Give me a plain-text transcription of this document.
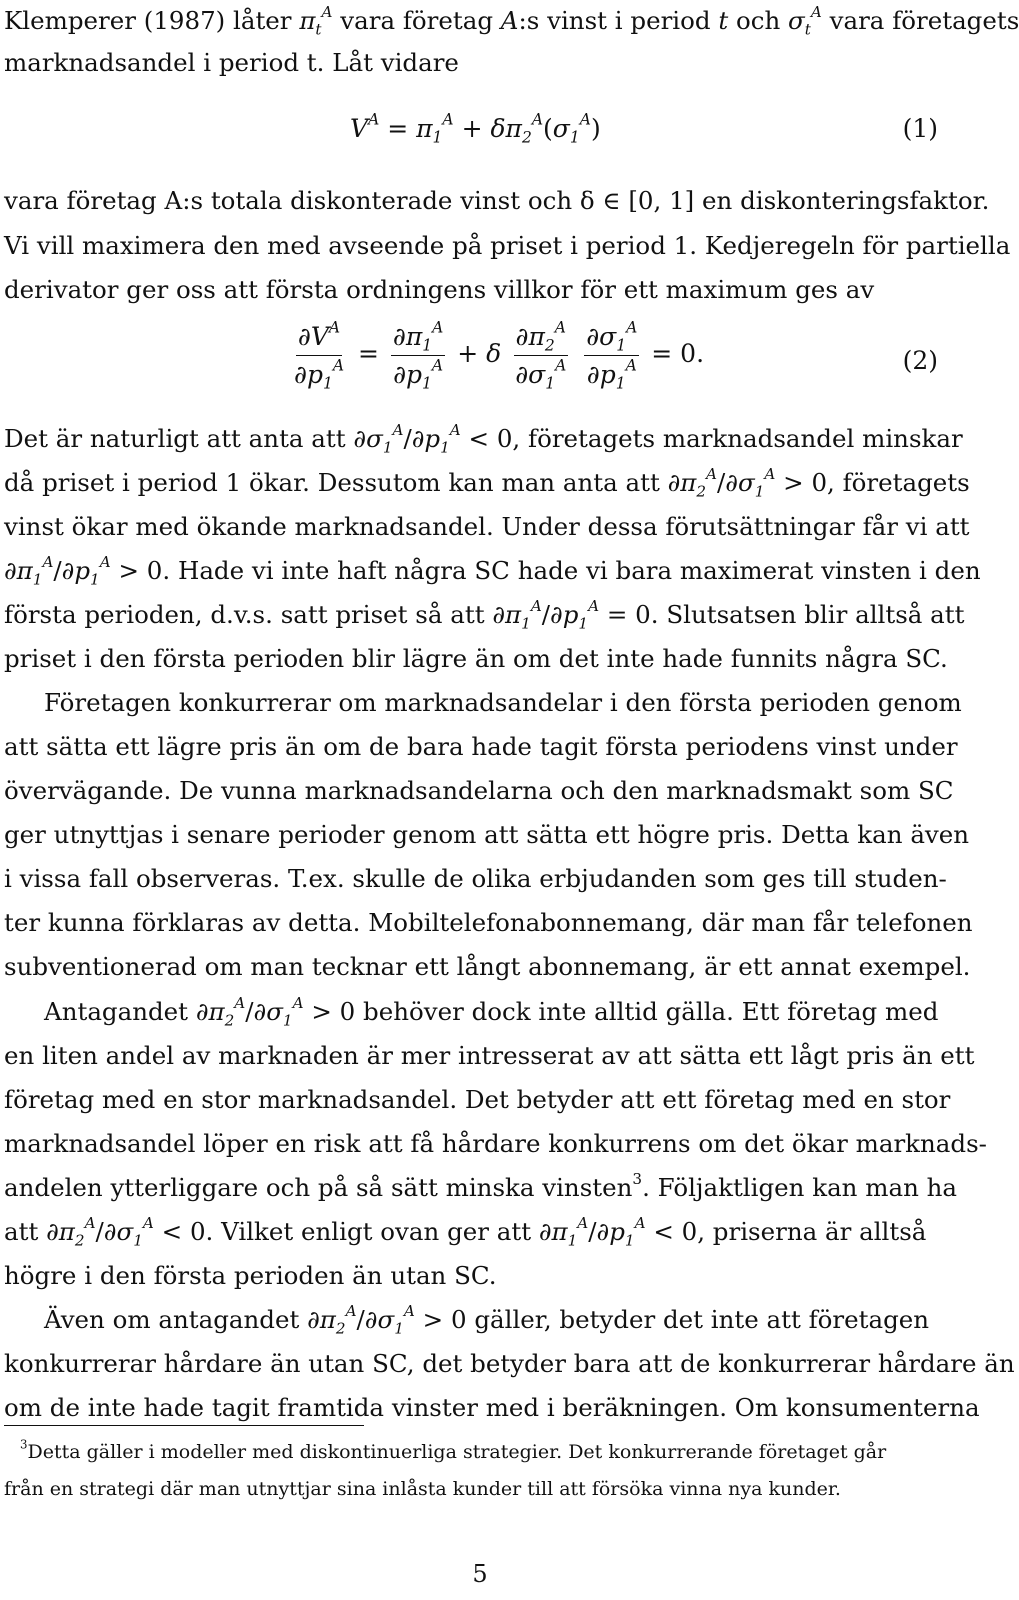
Klemperer (1987) låter $\pi_t^A$ vara företag A:s vinst i period t och $\sigma_t^A$ vara företagets
marknadsandel i period t. Låt vidare
$V^A = \pi_1^A + \delta\pi_2^A(\sigma_1^A)$	(1)
vara företag A:s totala diskonterade vinst och δ ∈ [0, 1] en diskonteringsfaktor.
Vi vill maximera den med avseende på priset i period 1. Kedjeregeln för partiella
derivator ger oss att första ordningens villkor för ett maximum ges av
$\frac{\partial V^A}{\partial p_1^A} = \frac{\partial\pi_1^A}{\partial p_1^A} + \delta \frac{\partial\pi_2^A}{\partial\sigma_1^A}$
$\frac{\partial\sigma_1^A}{\partial p_1^A} = 0$.	(2)
Det är naturligt att anta att $\partial\sigma_1^A/\partial p_1^A < 0$, företagets marknadsandel minskar
då priset i period 1 ökar. Dessutom kan man anta att $\partial\pi_2^A/\partial\sigma_1^A > 0$, företagets
vinst ökar med ökande marknadsandel. Under dessa förutsättningar får vi att
$\partial\pi_1^A/\partial p_1^A > 0$. Hade vi inte haft några SC hade vi bara maximerat vinsten i den
första perioden, d.v.s. satt priset så att $\partial\pi_1^A/\partial p_1^A = 0$. Slutsatsen blir alltså att
priset i den första perioden blir lägre än om det inte hade funnits några SC.
Företagen konkurrerar om marknadsandelar i den första perioden genom
att sätta ett lägre pris än om de bara hade tagit första periodens vinst under
övervägande. De vunna marknadsandelarna och den marknadsmakt som SC
ger utnyttjas i senare perioder genom att sätta ett högre pris. Detta kan även
i vissa fall observeras. T.ex. skulle de olika erbjudanden som ges till studen-
ter kunna förklaras av detta. Mobiltelefonabonnemang, där man får telefonen
subventionerad om man tecknar ett långt abonnemang, är ett annat exempel.
Antagandet $\partial\pi_2^A/\partial\sigma_1^A > 0$ behöver dock inte alltid gälla. Ett företag med
en liten andel av marknaden är mer intresserat av att sätta ett lågt pris än ett
företag med en stor marknadsandel. Det betyder att ett företag med en stor
marknadsandel löper en risk att få hårdare konkurrens om det ökar marknads-
andelen ytterliggare och på så sätt minska vinsten$^3$. Följaktligen kan man ha
att $\partial\pi_2^A/\partial\sigma_1^A < 0$. Vilket enligt ovan ger att $\partial\pi_1^A/\partial p_1^A < 0$, priserna är alltså
högre i den första perioden än utan SC.
Även om antagandet $\partial\pi_2^A/\partial\sigma_1^A > 0$ gäller, betyder det inte att företagen
konkurrerar hårdare än utan SC, det betyder bara att de konkurrerar hårdare än
om de inte hade tagit framtida vinster med i beräkningen. Om konsumenterna
$^3$Detta gäller i modeller med diskontinuerliga strategier. Det konkurrerande företaget går
från en strategi där man utnyttjar sina inlåsta kunder till att försöka vinna nya kunder.
5
